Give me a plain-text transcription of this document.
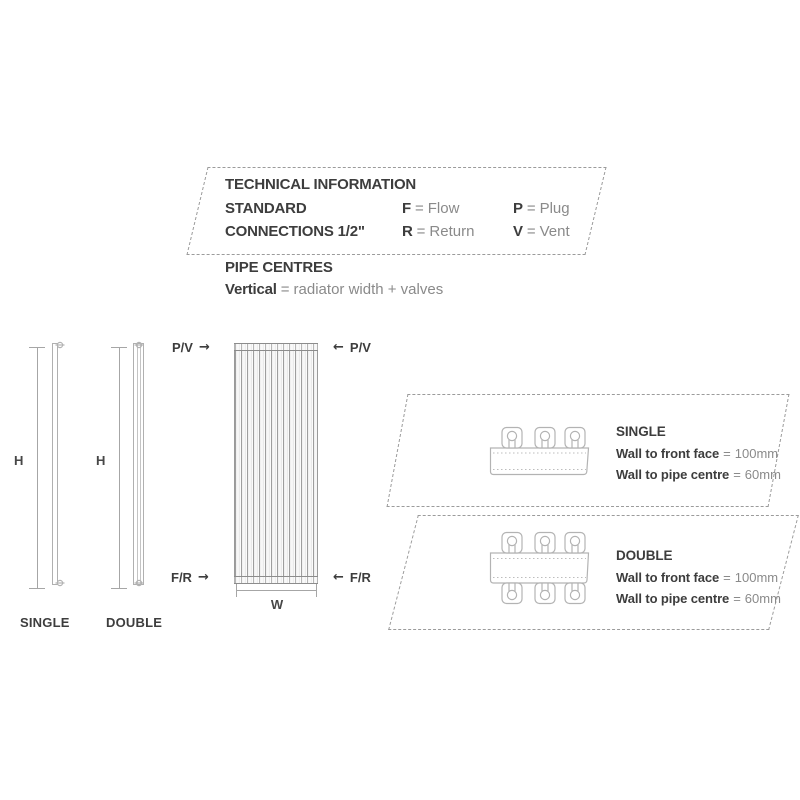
TECHNICAL INFORMATION
STANDARD
CONNECTIONS 1/2"
F = Flow
R = Return
P = Plug
V = Vent
PIPE CENTRES
Vertical = radiator width + valves
H
SINGLE
H
DOUBLE
P/V →	← P/V
F/R →	← F/R
W
SINGLE
Wall to front face = 100mm
Wall to pipe centre = 60mm
DOUBLE
Wall to front face = 100mm
Wall to pipe centre = 60mm
